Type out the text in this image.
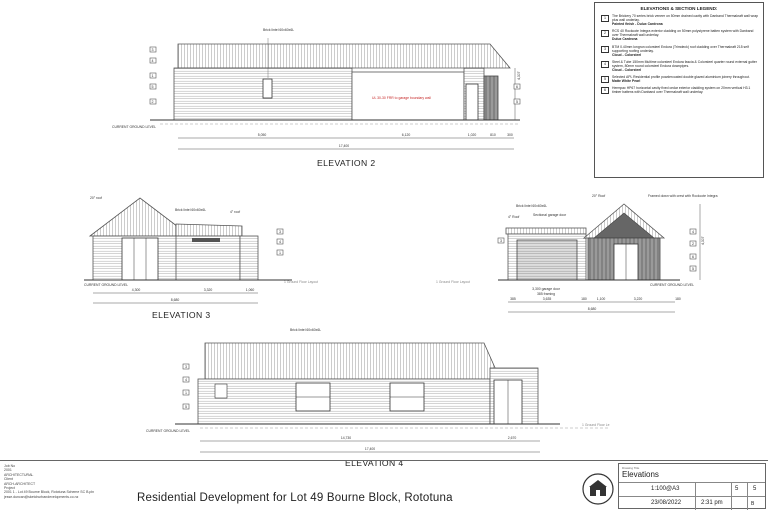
3
4
1
5
2
6
5
3
4
1
3
4
2
6
5
3
4
1
5
Brick lintel 60x60x6L
UL 30-30 FRR to garage boundary wall
CURRENT GROUND LEVEL
4,307
5,050	6,120	1,020	810	300
17,400
20° roof
Brick lintel 60x60x6L	4° roof
CURRENT GROUND LEVEL
1 Ground Floor Layout
4,300	3,320	1,060
8,680
Brick lintel 60x60x6L
4° Roof	Sectional garage door
20° Roof	Framed down with crest with Rockcote Integra
CURRENT GROUND LEVEL
1 Ground Floor Layout
4,307
3,300 garage door
385 framing
385	3,635	180	1,100	3,220	180
8,680
Brick lintel 60x60x6L
CURRENT GROUND LEVEL
1 Ground Floor Le
14,730	2,670
17,400
ELEVATION 2
ELEVATION 3
ELEVATION 4
ELEVATIONS & SECTION LEGEND:
1	The Brickery 70 series brick veneer on 50mm drained cavity with Danband Thermakraft wall wrap plus wall underlay.
Painted finish - Dulux Cardrona
2	RCS 40 Rockcote Integra exterior cladding on 50mm polystyrene batten system with Danband over Thermakraft wall underlay.
Dulux Cardrona
3	BTM 0.40mm longrun colorsteel Endura (Trimdeck) roof cladding over Thermakraft 215 self supporting roofing underlay.
Cloud - Colorsteel
4	Steel & Tube 150mm Multime colorsteel Endura fascia & Colorsteel quarter round external gutter system, 80mm round colorsteel Endura downpipes.
Cloud - Colorsteel
5	Selected APL Residential profile powdercoated double glazed aluminium joinery throughout.
Matte White Pearl
6	Hermpac HP67 horizontal cavity fixed cedar exterior cladding system on 20mm vertical H3.1 timber battens with Danband over Thermakraft wall underlay.
Job No
2001
ARCHITECTURAL
Client
ARCH-ARCHITECT
Project
2001 1 - Lot 49 Bourne Block, Rototuna Scheme SC B.pln
jesse.duncan@sketchurbandevelopments.co.nz	Residential Development for Lot 49 Bourne Block, Rototuna
Drawing Title
Elevations
1:100@A3	5 5
23/08/2022	2:31 pm	B
